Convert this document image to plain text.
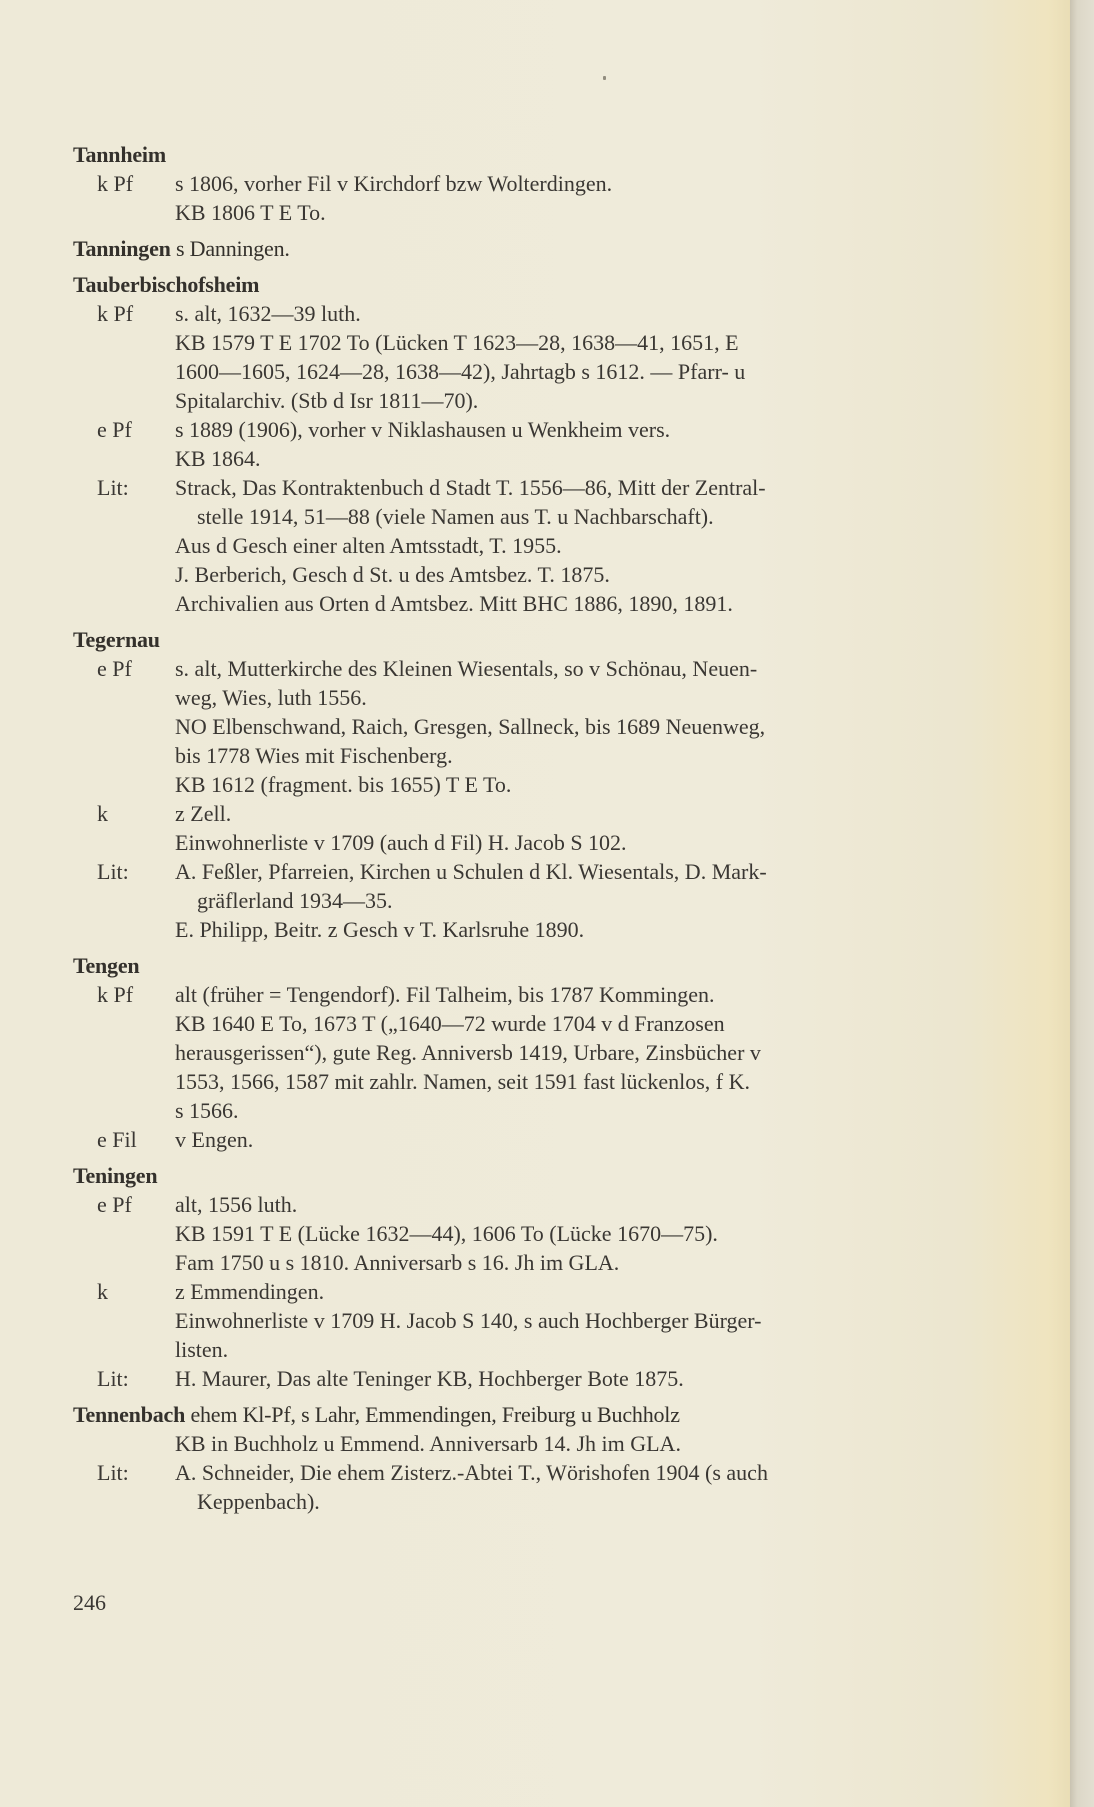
Tannheim
k Pf	s 1806, vorher Fil v Kirchdorf bzw Wolterdingen.
KB 1806 T E To.
Tanningen s Danningen.
Tauberbischofsheim
k Pf	s. alt, 1632—39 luth.
KB 1579 T E 1702 To (Lücken T 1623—28, 1638—41, 1651, E
1600—1605, 1624—28, 1638—42), Jahrtagb s 1612. — Pfarr- u
Spitalarchiv. (Stb d Isr 1811—70).
e Pf	s 1889 (1906), vorher v Niklashausen u Wenkheim vers.
KB 1864.
Lit:	Strack, Das Kontraktenbuch d Stadt T. 1556—86, Mitt der Zentral-
stelle 1914, 51—88 (viele Namen aus T. u Nachbarschaft).
Aus d Gesch einer alten Amtsstadt, T. 1955.
J. Berberich, Gesch d St. u des Amtsbez. T. 1875.
Archivalien aus Orten d Amtsbez. Mitt BHC 1886, 1890, 1891.
Tegernau
e Pf	s. alt, Mutterkirche des Kleinen Wiesentals, so v Schönau, Neuen-
weg, Wies, luth 1556.
NO Elbenschwand, Raich, Gresgen, Sallneck, bis 1689 Neuenweg,
bis 1778 Wies mit Fischenberg.
KB 1612 (fragment. bis 1655) T E To.
k	z Zell.
Einwohnerliste v 1709 (auch d Fil) H. Jacob S 102.
Lit:	A. Feßler, Pfarreien, Kirchen u Schulen d Kl. Wiesentals, D. Mark-
gräflerland 1934—35.
E. Philipp, Beitr. z Gesch v T. Karlsruhe 1890.
Tengen
k Pf	alt (früher = Tengendorf). Fil Talheim, bis 1787 Kommingen.
KB 1640 E To, 1673 T („1640—72 wurde 1704 v d Franzosen
herausgerissen“), gute Reg. Anniversb 1419, Urbare, Zinsbücher v
1553, 1566, 1587 mit zahlr. Namen, seit 1591 fast lückenlos, f K.
s 1566.
e Fil	v Engen.
Teningen
e Pf	alt, 1556 luth.
KB 1591 T E (Lücke 1632—44), 1606 To (Lücke 1670—75).
Fam 1750 u s 1810. Anniversarb s 16. Jh im GLA.
k	z Emmendingen.
Einwohnerliste v 1709 H. Jacob S 140, s auch Hochberger Bürger-
listen.
Lit:	H. Maurer, Das alte Teninger KB, Hochberger Bote 1875.
Tennenbach ehem Kl-Pf, s Lahr, Emmendingen, Freiburg u Buchholz
KB in Buchholz u Emmend. Anniversarb 14. Jh im GLA.
Lit:	A. Schneider, Die ehem Zisterz.-Abtei T., Wörishofen 1904 (s auch
Keppenbach).
246
